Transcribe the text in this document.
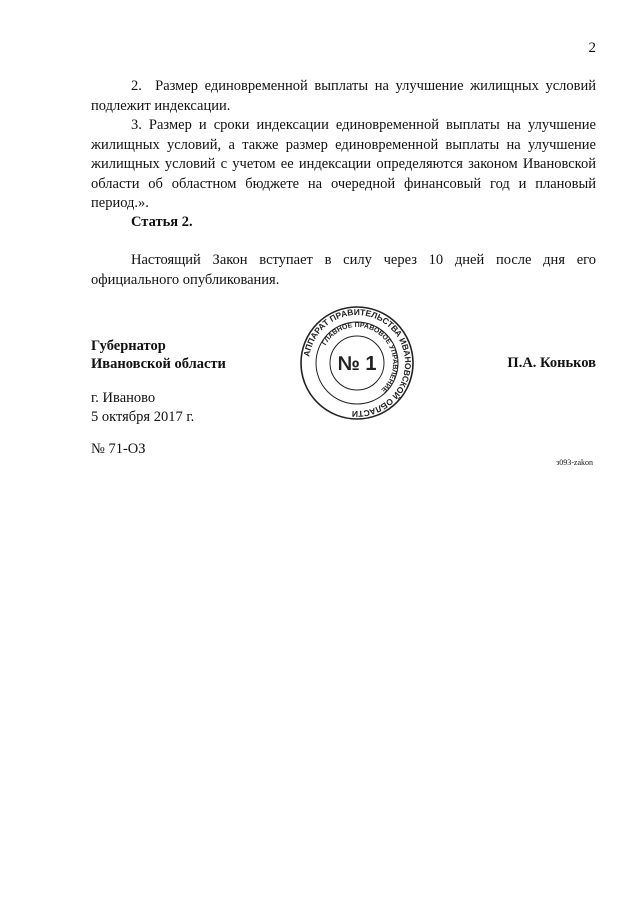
2

2.  Размер единовременной выплаты на улучшение жилищных условий подлежит индексации.

3. Размер и сроки индексации единовременной выплаты на улучшение жилищных условий, а также размер единовременной выплаты на улучшение жилищных условий с учетом ее индексации определяются законом Ивановской области об областном бюджете на очередной финансовый год и плановый период.».

Статья 2.

Настоящий Закон вступает в силу через 10 дней после дня его официального опубликования.

Губернатор
Ивановской области
АППАРАТ ПРАВИТЕЛЬСТВА ИВАНОВСКОЙ ОБЛАСТИ
ГЛАВНОЕ ПРАВОВОЕ УПРАВЛЕНИЕ
№ 1	П.А. Коньков
г. Иваново
5 октября 2017 г.
№ 71-ОЗ
з093-zakon
